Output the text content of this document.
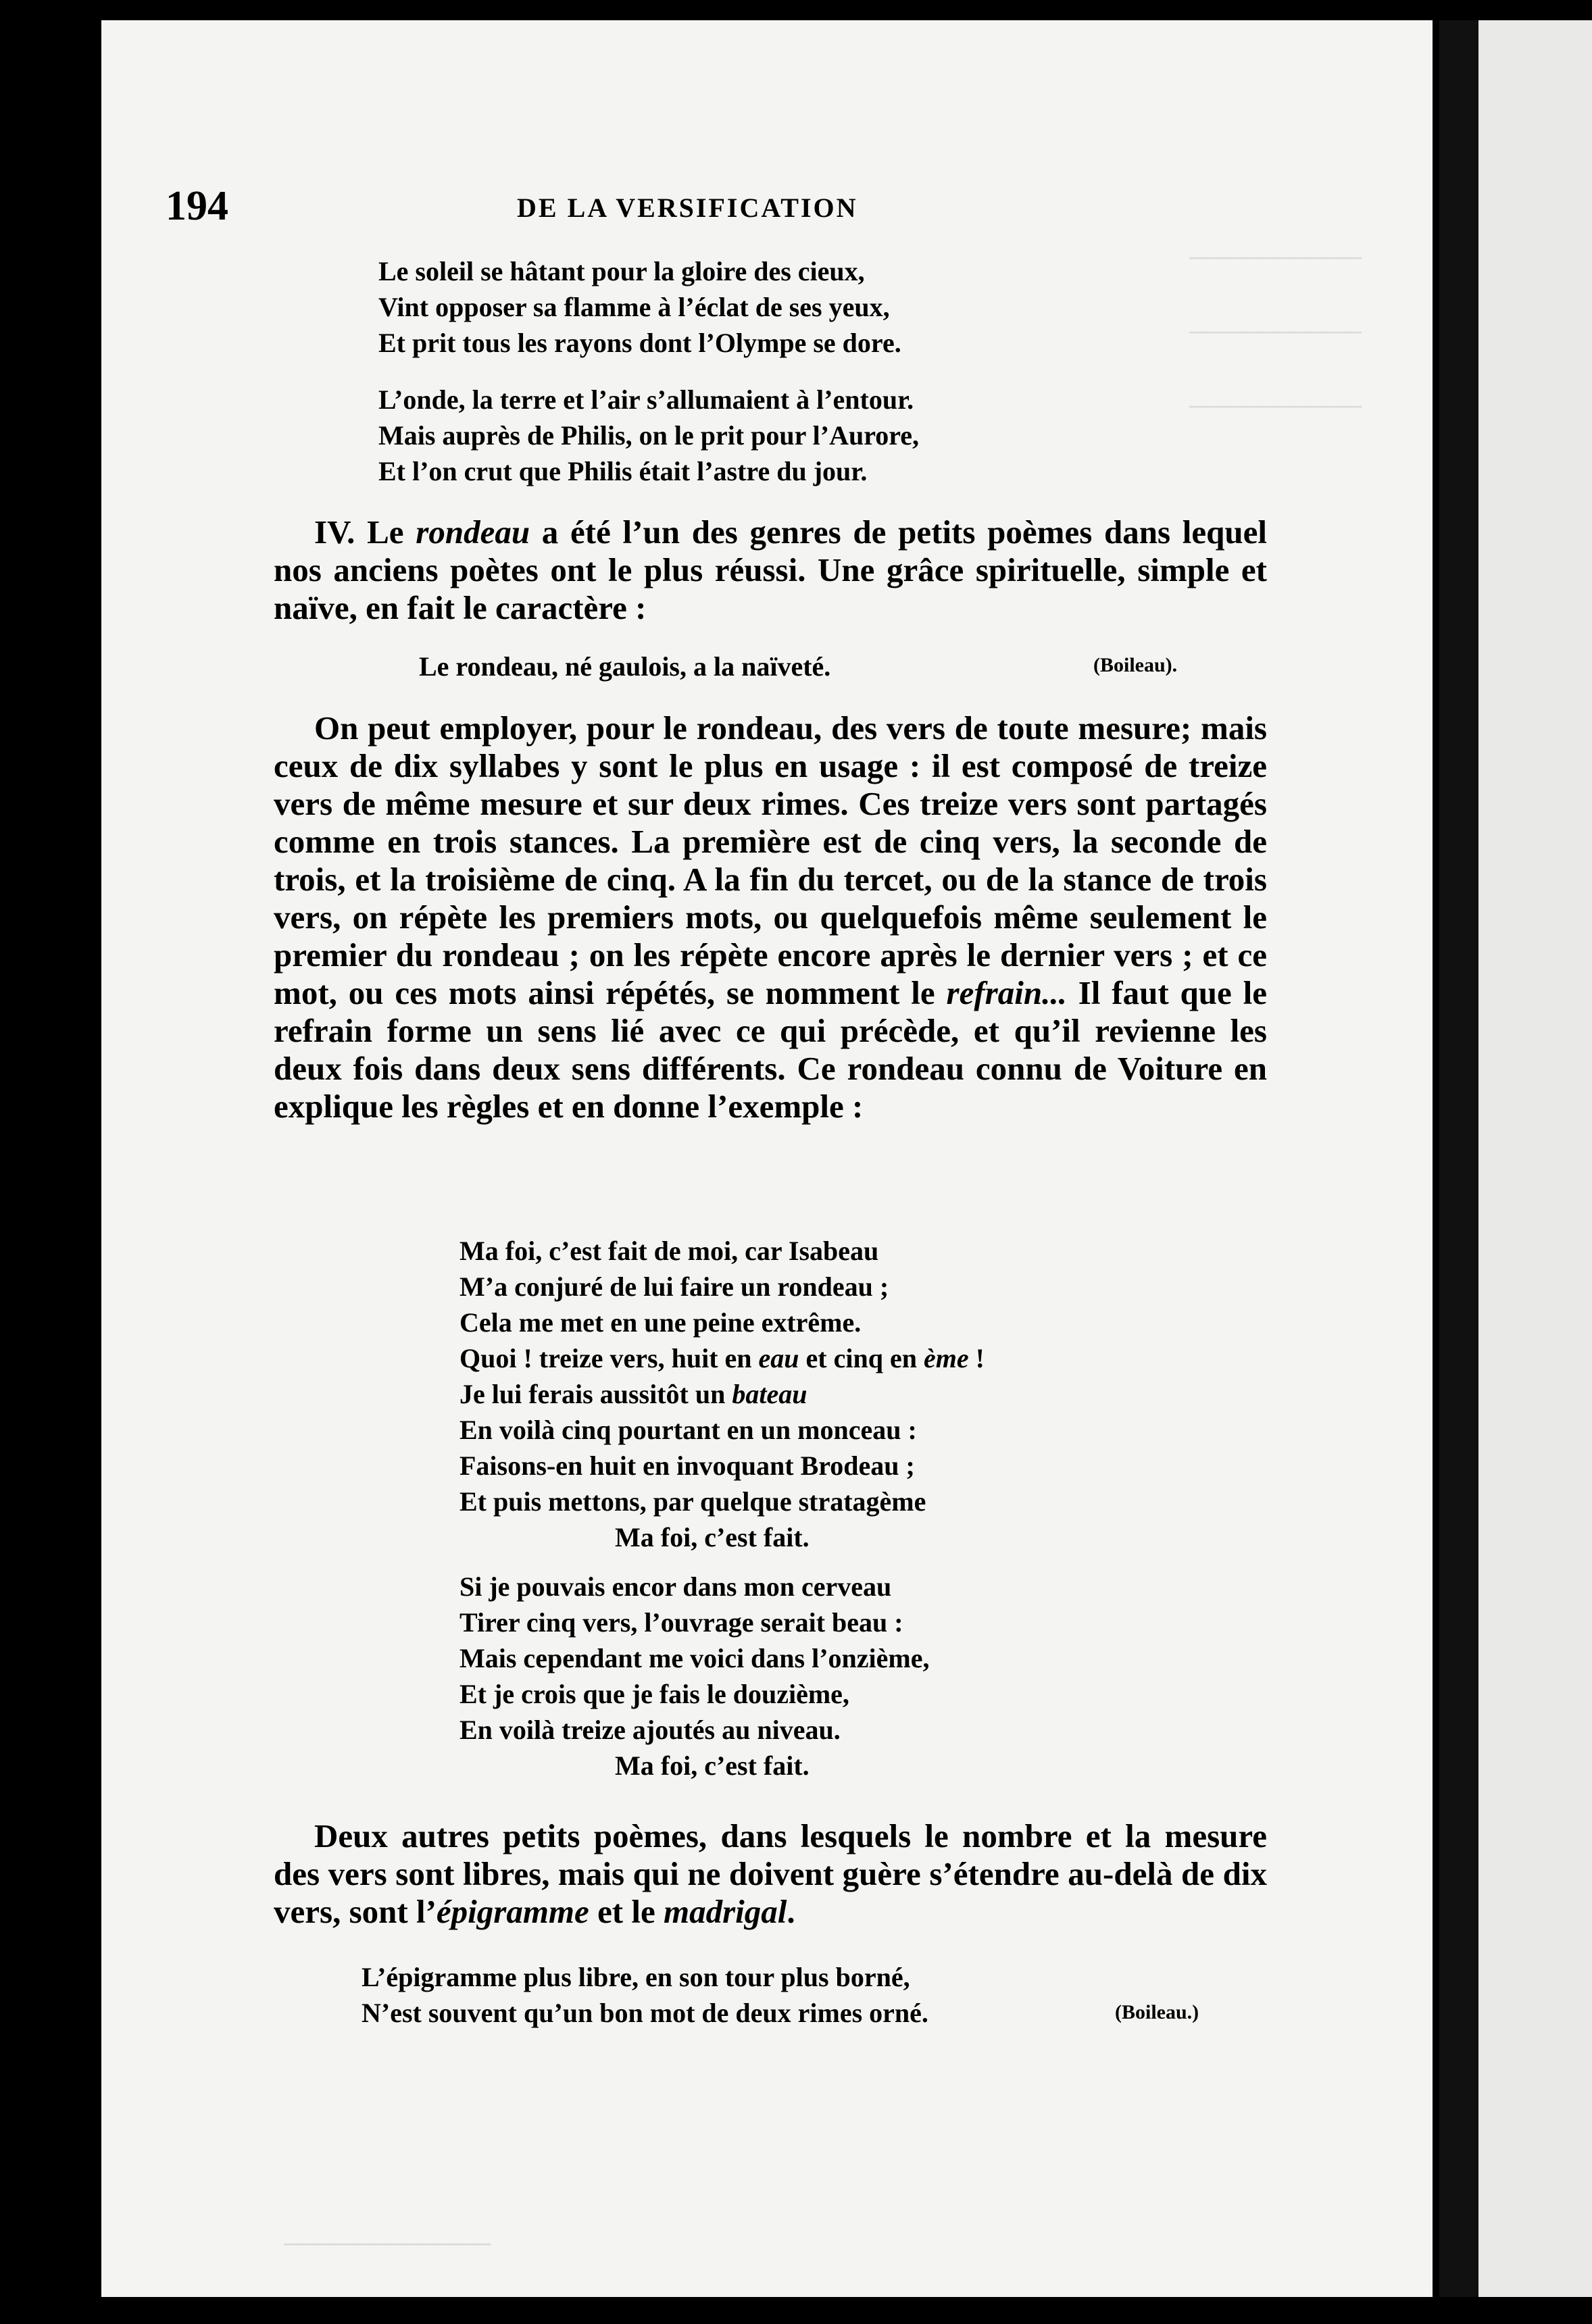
──────────
──────────
──────────
────────────
194	DE LA VERSIFICATION
Le soleil se hâtant pour la gloire des cieux,
Vint opposer sa flamme à l’éclat de ses yeux,
Et prit tous les rayons dont l’Olympe se dore.
L’onde, la terre et l’air s’allumaient à l’entour.
Mais auprès de Philis, on le prit pour l’Aurore,
Et l’on crut que Philis était l’astre du jour.
IV. Le rondeau a été l’un des genres de petits poèmes dans lequel nos anciens poètes ont le plus réussi. Une grâce spirituelle, simple et naïve, en fait le caractère :
Le rondeau, né gaulois, a la naïveté.	(Boileau).
On peut employer, pour le rondeau, des vers de toute mesure; mais ceux de dix syllabes y sont le plus en usage : il est composé de treize vers de même mesure et sur deux rimes. Ces treize vers sont partagés comme en trois stances. La première est de cinq vers, la seconde de trois, et la troisième de cinq. A la fin du tercet, ou de la stance de trois vers, on répète les premiers mots, ou quelquefois même seulement le premier du rondeau ; on les répète encore après le dernier vers ; et ce mot, ou ces mots ainsi répétés, se nomment le refrain... Il faut que le refrain forme un sens lié avec ce qui précède, et qu’il revienne les deux fois dans deux sens différents. Ce rondeau connu de Voiture en explique les règles et en donne l’exemple :
Ma foi, c’est fait de moi, car Isabeau
M’a conjuré de lui faire un rondeau ;
Cela me met en une peine extrême.
Quoi ! treize vers, huit en eau et cinq en ème !
Je lui ferais aussitôt un bateau
En voilà cinq pourtant en un monceau :
Faisons-en huit en invoquant Brodeau ;
Et puis mettons, par quelque stratagème
Ma foi, c’est fait.
Si je pouvais encor dans mon cerveau
Tirer cinq vers, l’ouvrage serait beau :
Mais cependant me voici dans l’onzième,
Et je crois que je fais le douzième,
En voilà treize ajoutés au niveau.
Ma foi, c’est fait.
Deux autres petits poèmes, dans lesquels le nombre et la mesure des vers sont libres, mais qui ne doivent guère s’étendre au-delà de dix vers, sont l’épigramme et le madrigal.
L’épigramme plus libre, en son tour plus borné,
N’est souvent qu’un bon mot de deux rimes orné.	(Boileau.)
